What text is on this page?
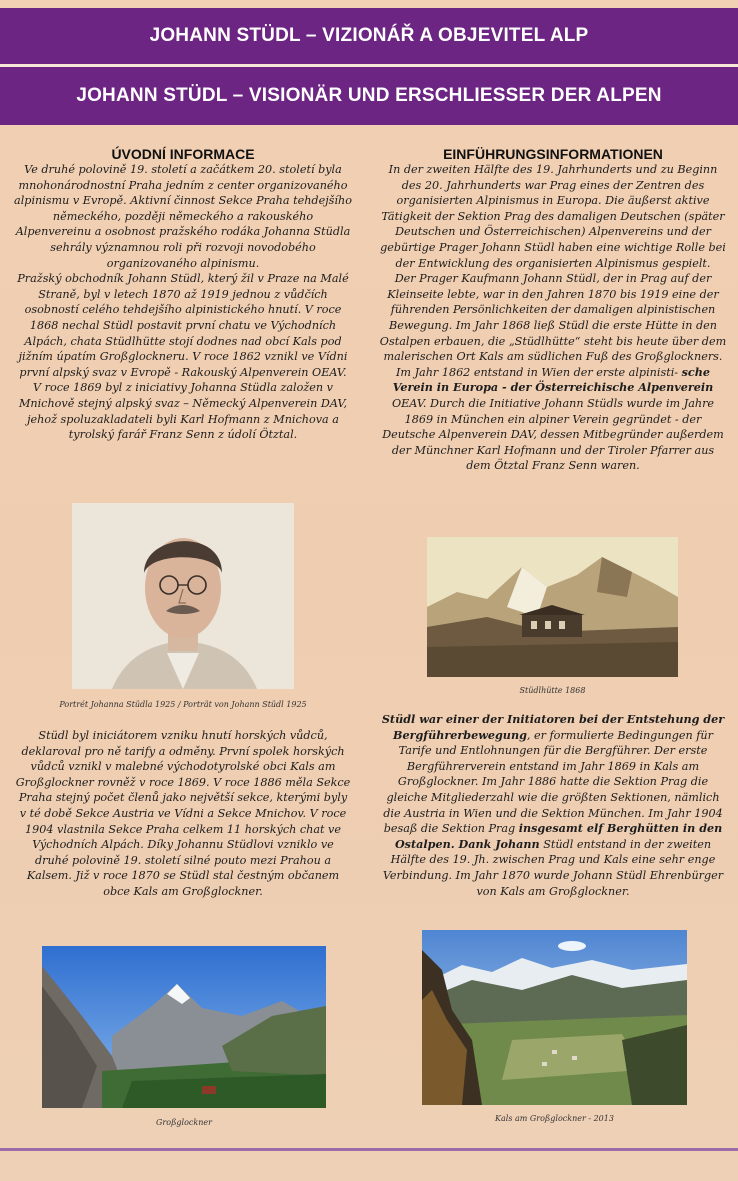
JOHANN STÜDL – VIZIONÁŘ A OBJEVITEL ALP
JOHANN STÜDL – VISIONÄR UND ERSCHLIESSER DER ALPEN

ÚVODNÍ INFORMACE

Ve druhé polovině 19. století a začátkem 20. století byla mnohonárodnostní Praha jedním z center organizovaného alpinismu v Evropě. Aktivní činnost Sekce Praha tehdejšího německého, později německého a rakouského Alpenvereinu a osobnost pražského rodáka Johanna Stüdla sehrály významnou roli při rozvoji novodobého organizovaného alpinismu.

Pražský obchodník Johann Stüdl, který žil v Praze na Malé Straně, byl v letech 1870 až 1919 jednou z vůdčích osobností celého tehdejšího alpinistického hnutí. V roce 1868 nechal Stüdl postavit první chatu ve Východních Alpách, chata Stüdlhütte stojí dodnes nad obcí Kals pod jižním úpatím Großglockneru. V roce 1862 vznikl ve Vídni první alpský svaz v Evropě - Rakouský Alpenverein OEAV.

V roce 1869 byl z iniciativy Johanna Stüdla založen v Mnichově stejný alpský svaz – Německý Alpenverein DAV, jehož spoluzakladateli byli Karl Hofmann z Mnichova a tyrolský farář Franz Senn z údolí Ötztal.

Portrét Johanna Stüdla 1925 / Porträt von Johann Stüdl 1925

Stüdl byl iniciátorem vzniku hnutí horských vůdců, deklaroval pro ně tarify a odměny. První spolek horských vůdců vznikl v malebné východotyrolské obci Kals am Großglockner rovněž v roce 1869. V roce 1886 měla Sekce Praha stejný počet členů jako největší sekce, kterými byly v té době Sekce Austria ve Vídni a Sekce Mnichov. V roce 1904 vlastnila Sekce Praha celkem 11 horských chat ve Východních Alpách. Díky Johannu Stüdlovi vzniklo ve druhé polovině 19. století silné pouto mezi Prahou a Kalsem. Již v roce 1870 se Stüdl stal čestným občanem obce Kals am Großglockner.

Großglockner

EINFÜHRUNGSINFORMATIONEN

In der zweiten Hälfte des 19. Jahrhunderts und zu Beginn des 20. Jahrhunderts war Prag eines der Zentren des organisierten Alpinismus in Europa. Die äußerst aktive Tätigkeit der Sektion Prag des damaligen Deutschen (später Deutschen und Österreichischen) Alpenvereins und der gebürtige Prager Johann Stüdl haben eine wichtige Rolle bei der Entwicklung des organisierten Alpinismus gespielt.

Der Prager Kaufmann Johann Stüdl, der in Prag auf der Kleinseite lebte, war in den Jahren 1870 bis 1919 eine der führenden Persönlichkeiten der damaligen alpinistischen Bewegung. Im Jahr 1868 ließ Stüdl die erste Hütte in den Ostalpen erbauen, die „Stüdlhütte“ steht bis heute über dem malerischen Ort Kals am südlichen Fuß des Großglockners. Im Jahr 1862 entstand in Wien der erste alpinisti- sche Verein in Europa - der Österreichische Alpenverein OEAV. Durch die Initiative Johann Stüdls wurde im Jahre 1869 in München ein alpiner Verein gegründet - der Deutsche Alpenverein DAV, dessen Mitbegründer außerdem der Münchner Karl Hofmann und der Tiroler Pfarrer aus dem Ötztal Franz Senn waren.

Stüdlhütte 1868

Stüdl war einer der Initiatoren bei der Entstehung der Bergführerbewegung, er formulierte Bedingungen für Tarife und Entlohnungen für die Bergführer. Der erste Bergführerverein entstand im Jahr 1869 in Kals am Großglockner. Im Jahr 1886 hatte die Sektion Prag die gleiche Mitgliederzahl wie die größten Sektionen, nämlich die Austria in Wien und die Sektion München. Im Jahr 1904 besaß die Sektion Prag insgesamt elf Berghütten in den Ostalpen. Dank Johann Stüdl entstand in der zweiten Hälfte des 19. Jh. zwischen Prag und Kals eine sehr enge Verbindung. Im Jahr 1870 wurde Johann Stüdl Ehrenbürger von Kals am Großglockner.

Kals am Großglockner - 2013
